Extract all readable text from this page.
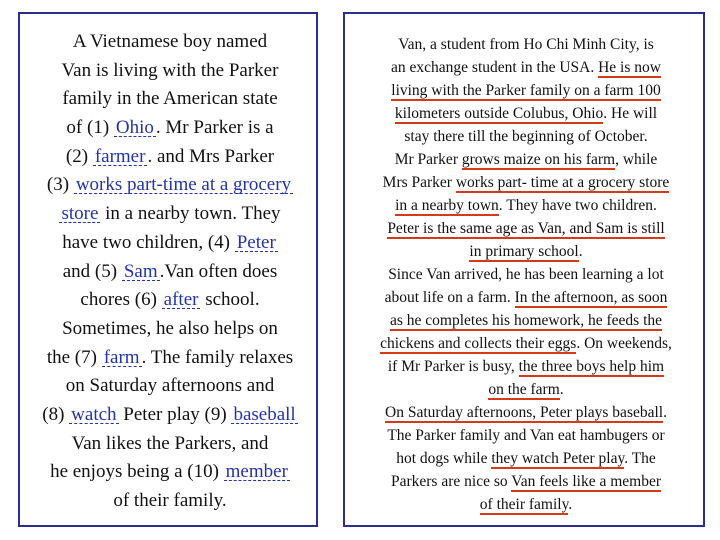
A Vietnamese boy named
Van is living with the Parker
family in the American state
of (1) Ohio . Mr Parker is a
(2) farmer . and Mrs Parker
(3) works part-time at a grocery
store in a nearby town. They
have two children, (4) Peter
and (5) Sam .Van often does
chores (6) after school.
Sometimes, he also helps on
the (7) farm . The family relaxes
on Saturday afternoons and
(8) watch Peter play (9) baseball
Van likes the Parkers, and
he enjoys being a (10) member
of their family.
Van, a student from Ho Chi Minh City, is
an exchange student in the USA. He is now
living with the Parker family on a farm 100
kilometers outside Colubus, Ohio. He will
stay there till the beginning of October.
Mr Parker grows maize on his farm, while
Mrs Parker works part- time at a grocery store
in a nearby town. They have two children.
Peter is the same age as Van, and Sam is still
in primary school.
Since Van arrived, he has been learning a lot
about life on a farm. In the afternoon, as soon
as he completes his homework, he feeds the
chickens and collects their eggs. On weekends,
if Mr Parker is busy, the three boys help him
on the farm.
On Saturday afternoons, Peter plays baseball.
The Parker family and Van eat hambugers or
hot dogs while they watch Peter play. The
Parkers are nice so Van feels like a member
of their family.
